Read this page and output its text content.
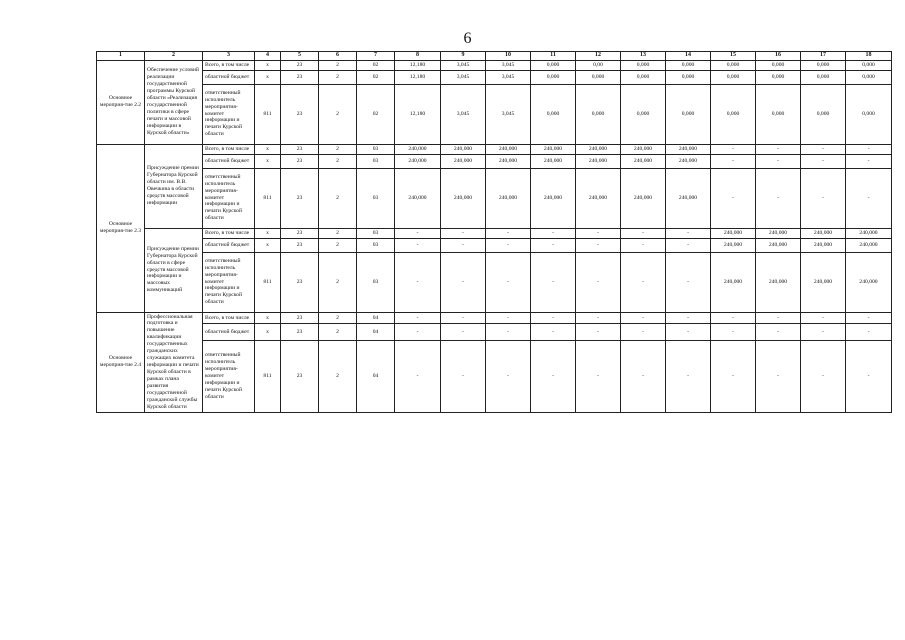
6
1	2	3	4	5	6	7	8	9	10	11	12	13	14	15	16	17	18
Основное мероприя-тие 2.2	Обеспечение условий реализации государственной программы Курской области «Реализация государственной политики в сфере печати и массовой информации в Курской области»	Всего, в том числе	x	23	2	02	12,180	3,045	3,045	0,000	0,00	0,000	0,000	0,000	0,000	0,000	0,000
		областной бюджет	x	23	2	02	12,180	3,045	3,045	0,000	0,000	0,000	0,000	0,000	0,000	0,000	0,000
		ответственный исполнитель мероприятия-комитет информации и печати Курской области	811	23	2	02	12,180	3,045	3,045	0,000	0,000	0,000	0,000	0,000	0,000	0,000	0,000
Основное мероприя-тие 2.3	Присуждение премии Губернатора Курской области им. В.В. Овечкина в области средств массовой информации	Всего, в том числе	x	23	2	03	240,000	240,000	240,000	240,000	240,000	240,000	240,000	-	-	-	-
		областной бюджет	x	23	2	03	240,000	240,000	240,000	240,000	240,000	240,000	240,000	-	-	-	-
		ответственный исполнитель мероприятия-комитет информации и печати Курской области	811	23	2	03	240,000	240,000	240,000	240,000	240,000	240,000	240,000	-	-	-	-
	Присуждение премии Губернатора Курской области в сфере средств массовой информации и массовых коммуникаций	Всего, в том числе	x	23	2	03	-	-	-	-	-	-	-	240,000	240,000	240,000	240,000
		областной бюджет	x	23	2	03	-	-	-	-	-	-	-	240,000	240,000	240,000	240,000
		ответственный исполнитель мероприятия-комитет информации и печати Курской области	811	23	2	03	-	-	-	-	-	-	-	240,000	240,000	240,000	240,000
Основное мероприя-тие 2.4	Профессиональная подготовка и повышение квалификации государственных гражданских служащих комитета информации и печати Курской области в рамках плана развития государственной гражданской службы Курской области	Всего, в том числе	x	23	2	04	-	-	-	-	-	-	-	-	-	-	-
		областной бюджет	x	23	2	04	-	-	-	-	-	-	-	-	-	-	-
		ответственный исполнитель мероприятия-комитет информации и печати Курской области	811	23	2	04	-	-	-	-	-	-	-	-	-	-	-
